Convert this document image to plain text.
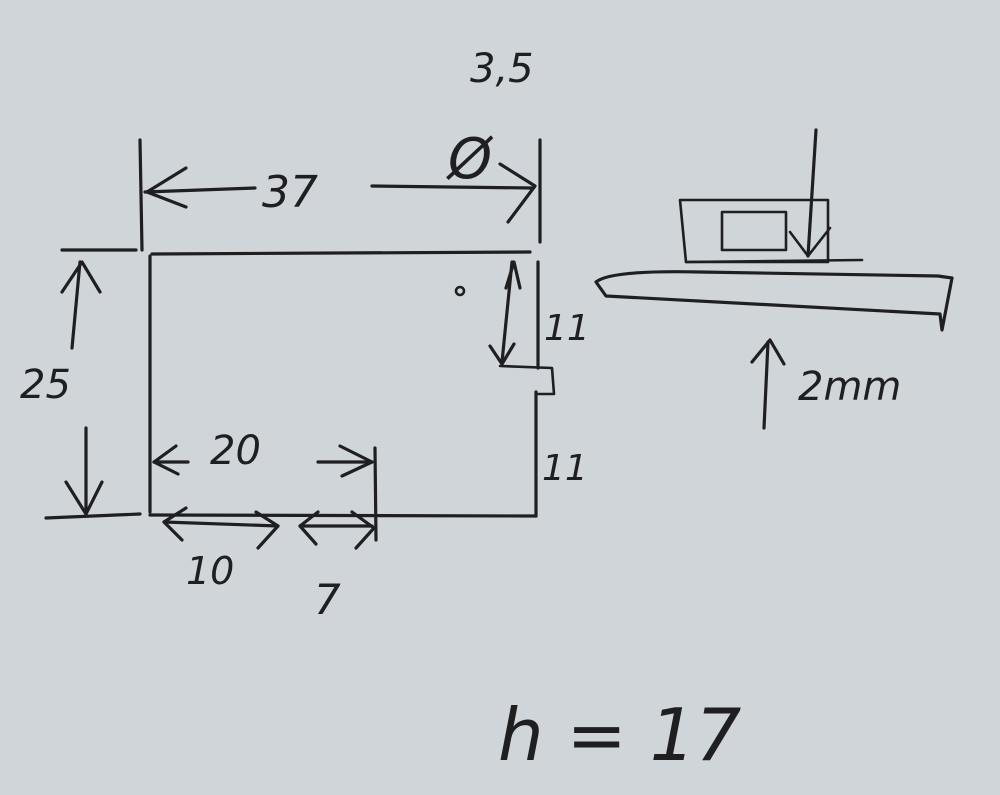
37
3,5
Ø
25
11
11
20
10
7
2mm
h = 17
